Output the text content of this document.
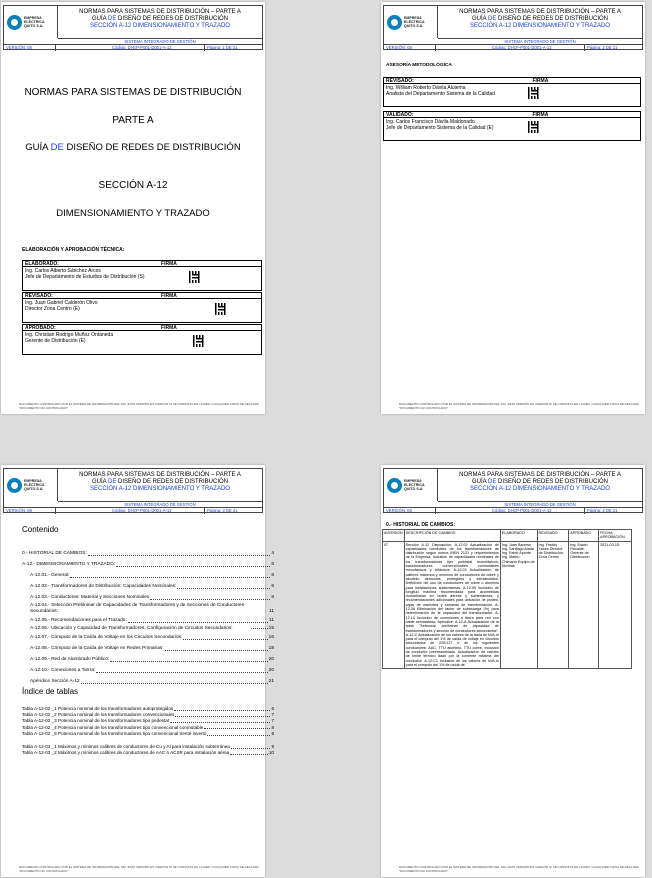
EMPRESA
ELÉCTRICA
QUITO S.A.
NORMAS PARA SISTEMAS DE DISTRIBUCIÓN – PARTE A
GUÍA DE DISEÑO DE REDES DE DISTRIBUCIÓN
SECCIÓN A-12 DIMENSIONAMIENTO Y TRAZADO
SISTEMA INTEGRADO DE GESTIÓN
VERSIÓN: 08	Código: DI-EP-P001-D001-A-12	Página: 1 DE 21
NORMAS PARA SISTEMAS DE DISTRIBUCIÓN
PARTE A
GUÍA DE DISEÑO DE REDES DE DISTRIBUCIÓN
SECCIÓN A-12
DIMENSIONAMIENTO Y TRAZADO
ELABORACIÓN Y APROBACIÓN TÉCNICA:
ELABORADO:	FIRMA
Ing. Carlos Alberto Sánchez Arcos
Jefe de Departamento de Estudios de Distribución (S)
REVISADO:	FIRMA
Ing. Juan Gabriel Calderón Olivo
Director Zona Centro (E)
APROBADO:	FIRMA
Ing. Christian Rodrigo Muñoz Ontaneda
Gerente de Distribución (E)
DOCUMENTO CONTROLADO POR EL SISTEMA DE INFORMACIÓN DEL SIG. ESTA VERSIÓN ES VIGENTE SI SE CONSULTA EN LA RED. CUALQUIER COPIA SE DECLARA "DOCUMENTO NO CONTROLADO"
EMPRESA
ELÉCTRICA
QUITO S.A.
NORMAS PARA SISTEMAS DE DISTRIBUCIÓN – PARTE A
GUÍA DE DISEÑO DE REDES DE DISTRIBUCIÓN
SECCIÓN A-12 DIMENSIONAMIENTO Y TRAZADO
SISTEMA INTEGRADO DE GESTIÓN
VERSIÓN: 08	Código: DI-EP-P001-D001-A-12	Página: 2 DE 21
ASESORÍA METODOLÓGICA
REVISADO:	FIRMA
Ing. William Roberto Dávila Aluiema
Analista del Departamento Sistema de la Calidad
VALIDADO:	FIRMA
Ing. Carlos Francisco Dávila Maldonado
Jefe de Departamento Sistema de la Calidad (E)
DOCUMENTO CONTROLADO POR EL SISTEMA DE INFORMACIÓN DEL SIG. ESTA VERSIÓN ES VIGENTE SI SE CONSULTA EN LA RED. CUALQUIER COPIA SE DECLARA "DOCUMENTO NO CONTROLADO"
EMPRESA
ELÉCTRICA
QUITO S.A.
NORMAS PARA SISTEMAS DE DISTRIBUCIÓN – PARTE A
GUÍA DE DISEÑO DE REDES DE DISTRIBUCIÓN
SECCIÓN A-12 DIMENSIONAMIENTO Y TRAZADO
SISTEMA INTEGRADO DE GESTIÓN
VERSIÓN: 08	Código: DI-EP-P001-D001-A-12	Página: 3 DE 21
Contenido
0.- HISTORIAL DE CAMBIOS:	4
A-12.- DIMENSIONAMIENTO Y TRAZADO:	6
A-12.01.- General:	6
A-12.02.- Transformadores de Distribución: Capacidades Nominales:	6
A-12.03.- Conductores: Material y Secciones Nominales	8
A-12.04.- Selección Preliminar de Capacidades de Transformadores y de Secciones de Conductores Secundarios:	11
A-12.05.- Recomendaciones para el Trazado:	11
A-12.06.- Ubicación y Capacidad de Transformadores, Configuración de Circuitos Secundarios:	15
A-12.07.- Cómputo de la Caída de Voltaje en los Circuitos Secundarios:	16
A-12.08.- Cómputo de la Caída de Voltaje en Redes Primarias:	18
A-12.09.- Red de Alumbrado Público:	20
A-12.10.- Conexiones a Tierra:	20
Apéndice Sección A-12	21
Índice de tablas
Tabla A-12-02 _1 Potencia nominal de los transformadores autoprotegidos	6
Tabla A-12-02 _2 Potencia nominal de los transformadores convencionales	7
Tabla A-12-02 _3 Potencia nominal de los transformadores tipo pedestal	7
Tabla A-12-02 _4 Potencia nominal de los transformadores tipo convencional conmutable	8
Tabla A-12-02 _5 Potencia nominal de los transformadores tipo convencional trenté inverto	8
Tabla A-12-03 _1 Máximos y mínimos calibres de conductores de Cu y Al para instalación subterránea	9
Tabla A-12-03 _2 Máximos y mínimos calibres de conductores de AAC o ACSR para instalación aérea	10
DOCUMENTO CONTROLADO POR EL SISTEMA DE INFORMACIÓN DEL SIG. ESTA VERSIÓN ES VIGENTE SI SE CONSULTA EN LA RED. CUALQUIER COPIA SE DECLARA "DOCUMENTO NO CONTROLADO"
EMPRESA
ELÉCTRICA
QUITO S.A.
NORMAS PARA SISTEMAS DE DISTRIBUCIÓN – PARTE A
GUÍA DE DISEÑO DE REDES DE DISTRIBUCIÓN
SECCIÓN A-12 DIMENSIONAMIENTO Y TRAZADO
SISTEMA INTEGRADO DE GESTIÓN
VERSIÓN: 08	Código: DI-EP-P001-D001-A-12	Página: 4 DE 21
0.- HISTORIAL DE CAMBIOS:
#VERSIÓN	DESCRIPCIÓN DE CAMBIOS	ELABORADO	REVISADO	APROBADO	FECHA APROBACIÓN
07	Sección A-12 Disposición: A-12.02 Actualización de capacidades nominales de los transformadores de distribución según norma INEN 2131 y requerimientos de la Empresa. Inclusión de capacidades nominales de los transformadores tipo pedestal monofásicos, transformadores convencionales conmutables monofásicos y trifásicos. A-12.03 Actualización de calibres máximos y mínimos de conductores de cobre y aluminio desnudos, protegidos y semiaislados. Definición del uso de conductores de cobre o aluminio para instalaciones subterráneas. A-12.05 Inclusión de longitud máxima recomendada para acometidas domiciliarias en redes aéreas y subterráneas, y recomendaciones adicionales para ubicación de postes, cajas de maniobra y cámaras de transformación. A-12.06 Eliminación del factor de sobrecarga (%) para determinación de la capacidad del transformador. A-12.10 Inclusión de conexiones a tierra para red con cable semiaislado. Apéndice: A-12-A Actualización de la tabla "Selección preliminar de capacidad de transformadores y sección de conductores secundarios". A-12-C Actualización de los valores de la tabla de kVA-m para el cómputo del 1% de caída de voltaje en circuitos secundarios de 220/127 V de los siguientes conductores: AAC, TTU aluminio, TTU cobre, inclusión de conductor preensamblado. Actualización de valores de límite térmico dado por la corriente máxima del conductor. A-12-C1 Inclusión de los valores de kVA-m para el cómputo del 1% de caída de	Ing. Juan Barroso Ing. Santiago Alada Ing. Pablo Aponte Ing. Martín Chimarro Equipo de Normas	Ing. Freddy Yanez Director de Distribución Zona Centro	Ing. Edwin Recalde, Gerente de Distribución	2021-03-15
DOCUMENTO CONTROLADO POR EL SISTEMA DE INFORMACIÓN DEL SIG. ESTA VERSIÓN ES VIGENTE SI SE CONSULTA EN LA RED. CUALQUIER COPIA SE DECLARA "DOCUMENTO NO CONTROLADO"
